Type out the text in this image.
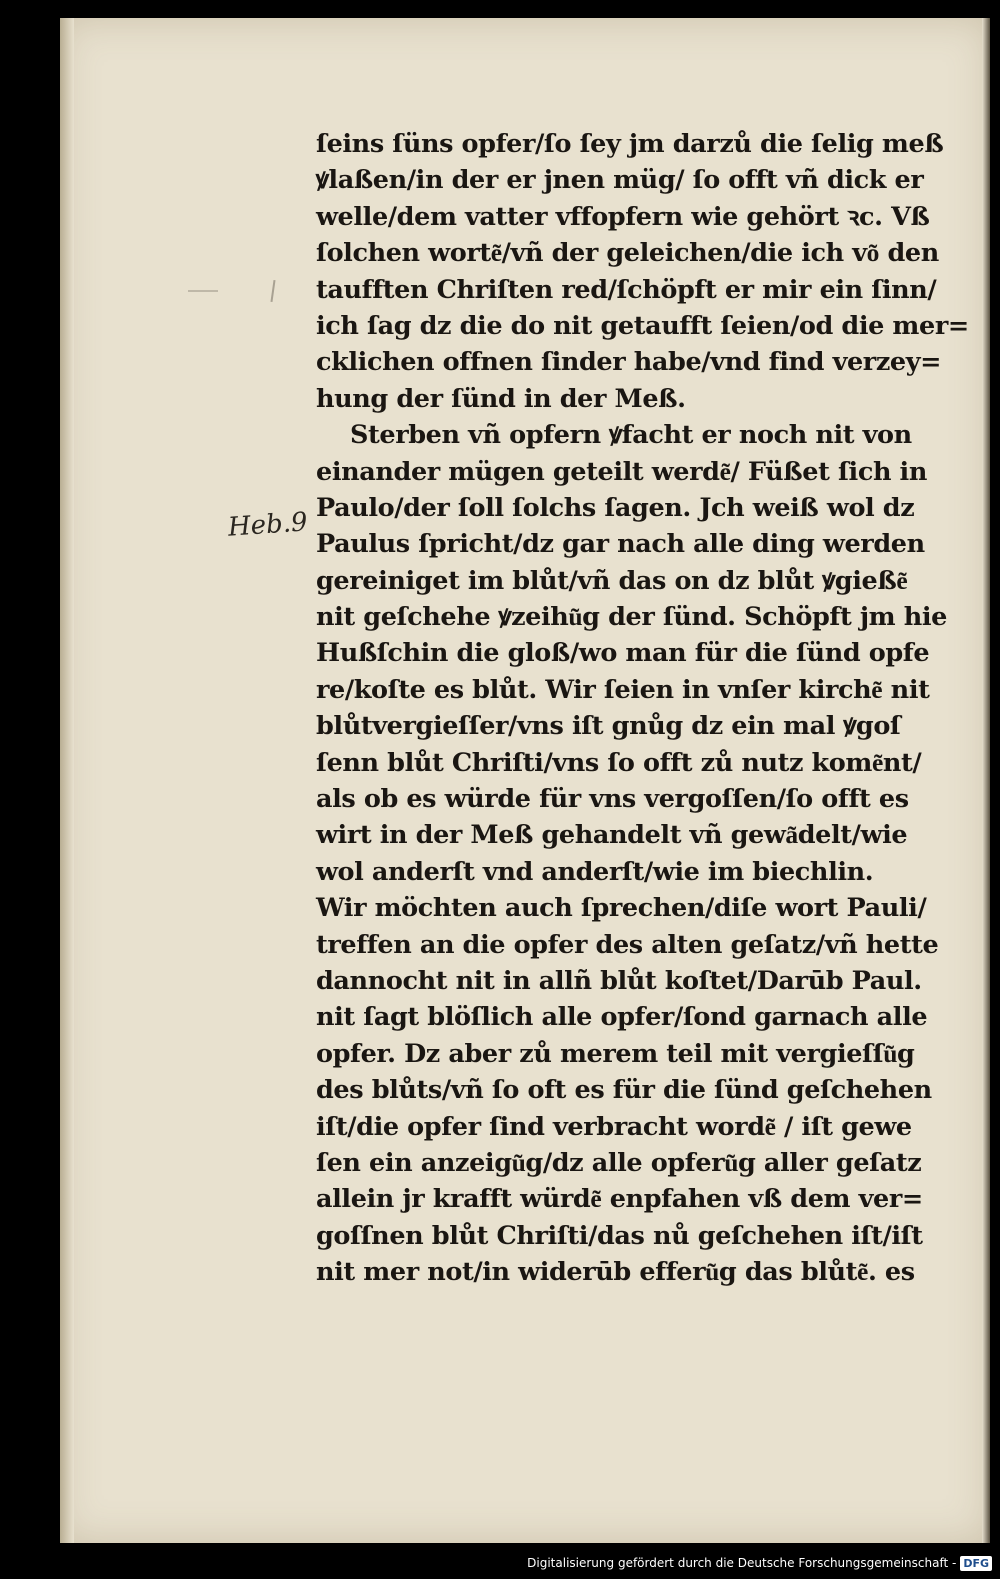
Heb.9
ſeins ſüns opfer/ſo ſey jm darzů die ſelig meß
ꝟlaßen/in der er jnen müg/ ſo offt vñ dick er
welle/dem vatter vffopfern wie gehört ꝛc. Vß
ſolchen worte͂/vñ der geleichen/die ich vo͂ den
taufften Chriſten red/ſchöpft er mir ein ſinn/
ich ſag dz die do nit getaufft ſeien/od die mer=
cklichen offnen ſinder habe/vnd find verzey=
hung der ſünd in der Meß.
Sterben vñ opfern ꝟfacht er noch nit von
einander mügen geteilt werde͂/ Füßet ſich in
Paulo/der ſoll ſolchs ſagen. Jch weiß wol dz
Paulus ſpricht/dz gar nach alle ding werden
gereiniget im blůt/vñ das on dz blůt ꝟgieße͂
nit geſchehe ꝟzeihu͂g der ſünd. Schöpft jm hie
Hußſchin die gloß/wo man für die ſünd opfe
re/koſte es blůt. Wir ſeien in vnſer kirche͂ nit
blůtvergieſſer/vns iſt gnůg dz ein mal ꝟgoſ
ſenn blůt Chriſti/vns ſo offt zů nutz kome͂nt/
als ob es würde für vns vergoſſen/ſo offt es
wirt in der Meß gehandelt vñ gewa͂delt/wie
wol anderſt vnd anderſt/wie im biechlin.
Wir möchten auch ſprechen/diſe wort Pauli/
treffen an die opfer des alten geſatz/vñ hette
dannocht nit in allñ blůt koſtet/Darūb Paul.
nit ſagt blöſlich alle opfer/ſond garnach alle
opfer. Dz aber zů merem teil mit vergieſſu͂g
des blůts/vñ ſo oft es für die ſünd geſchehen
iſt/die opfer ſind verbracht worde͂ / iſt gewe
ſen ein anzeigu͂g/dz alle opferu͂g aller geſatz
allein jr krafft würde͂ enpfahen vß dem ver=
goſſnen blůt Chriſti/das nů geſchehen iſt/iſt
nit mer not/in widerūb efferu͂g das blůte͂. es
Digitalisierung gefördert durch die Deutsche Forschungsgemeinschaft - DFG
